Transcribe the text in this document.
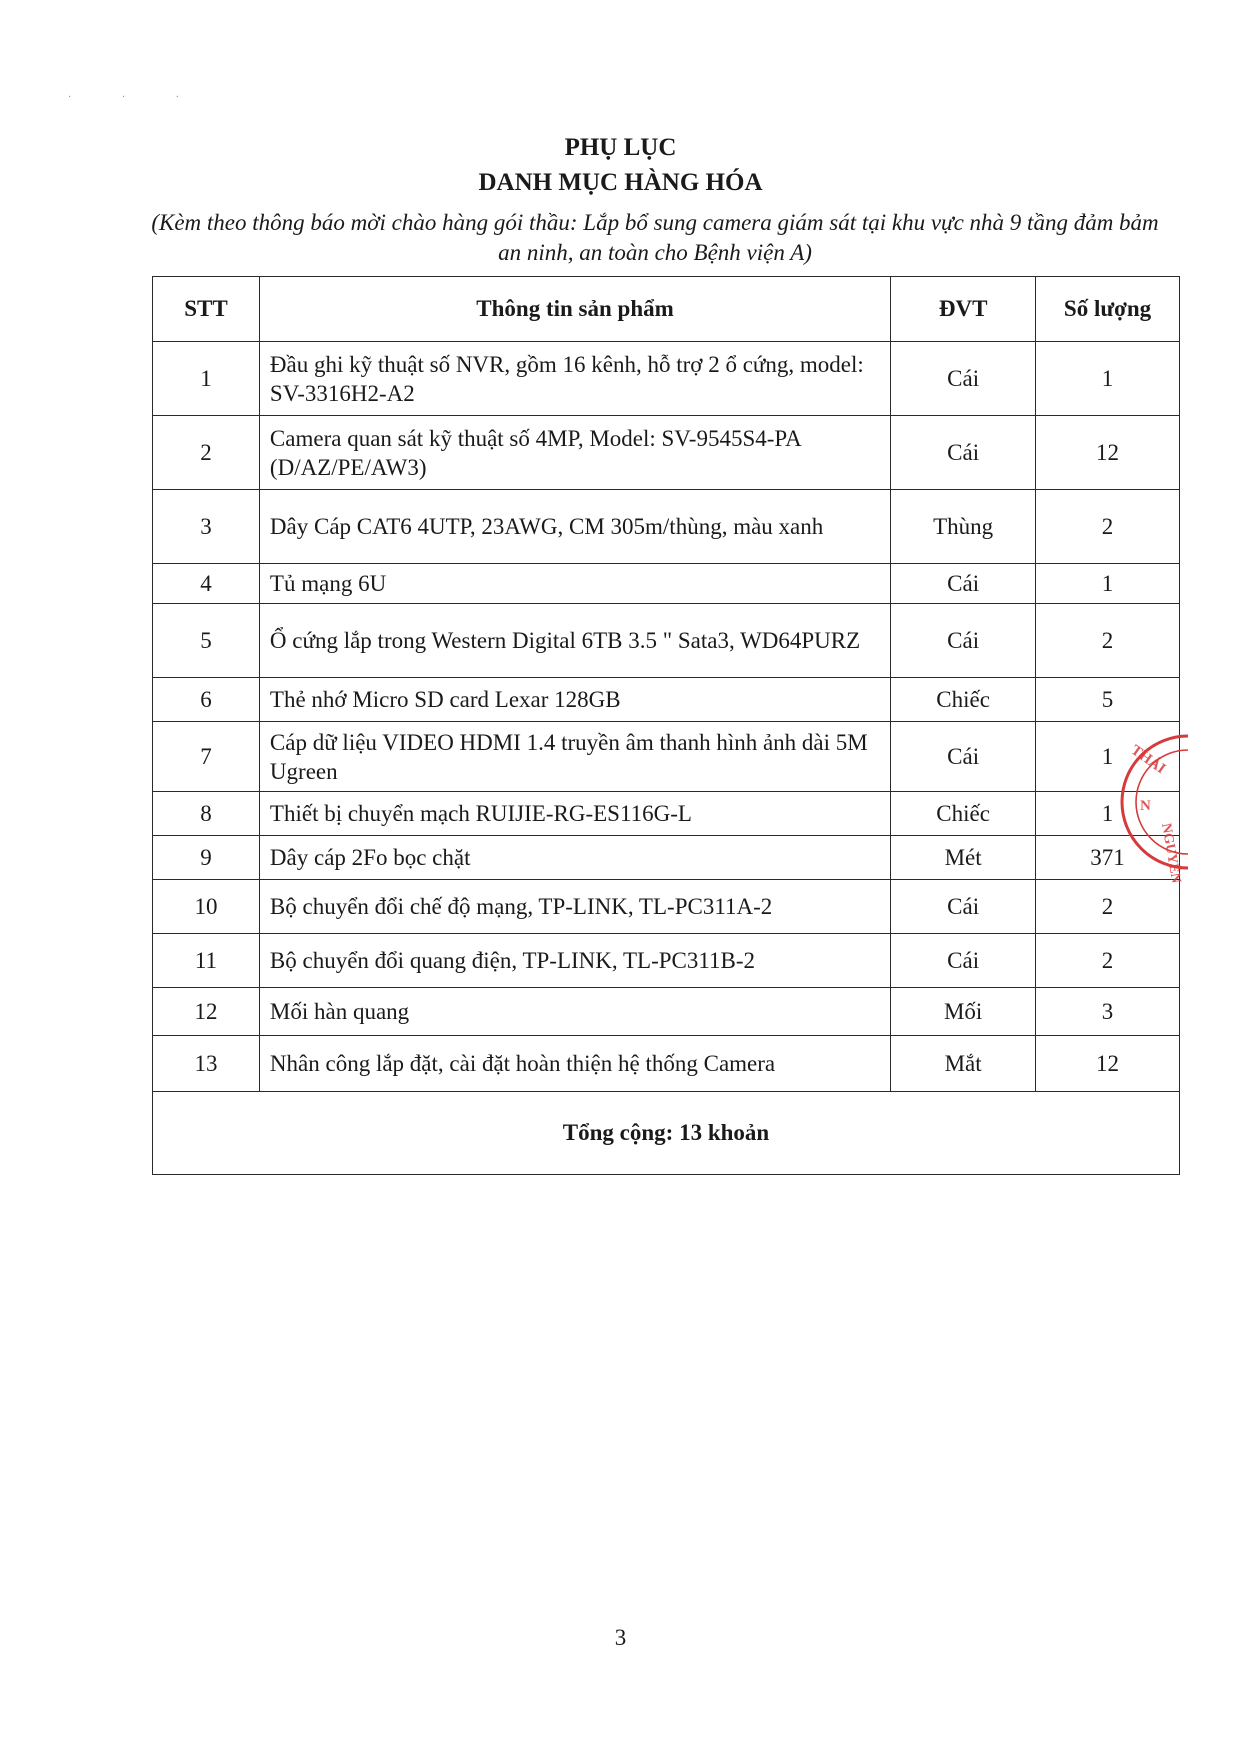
· · ·
PHỤ LỤC
DANH MỤC HÀNG HÓA
(Kèm theo thông báo mời chào hàng gói thầu: Lắp bổ sung camera giám sát tại khu vực nhà 9 tầng đảm bảm an ninh, an toàn cho Bệnh viện A)
STT	Thông tin sản phẩm	ĐVT	Số lượng
1	Đầu ghi kỹ thuật số NVR, gồm 16 kênh, hỗ trợ 2 ổ cứng, model: SV-3316H2-A2	Cái	1
2	Camera quan sát kỹ thuật số 4MP, Model: SV-9545S4-PA (D/AZ/PE/AW3)	Cái	12
3	Dây Cáp CAT6 4UTP, 23AWG, CM 305m/thùng, màu xanh	Thùng	2
4	Tủ mạng 6U	Cái	1
5	Ổ cứng lắp trong Western Digital 6TB 3.5 " Sata3, WD64PURZ	Cái	2
6	Thẻ nhớ Micro SD card Lexar 128GB	Chiếc	5
7	Cáp dữ liệu VIDEO HDMI 1.4 truyền âm thanh hình ảnh dài 5M Ugreen	Cái	1
8	Thiết bị chuyển mạch RUIJIE-RG-ES116G-L	Chiếc	1
9	Dây cáp 2Fo bọc chặt	Mét	371
10	Bộ chuyển đổi chế độ mạng, TP-LINK, TL-PC311A-2	Cái	2
11	Bộ chuyển đổi quang điện, TP-LINK, TL-PC311B-2	Cái	2
12	Mối hàn quang	Mối	3
13	Nhân công lắp đặt, cài đặt hoàn thiện hệ thống Camera	Mắt	12
Tổng cộng: 13 khoản			
THÁI
N
NGUYÊN
3
